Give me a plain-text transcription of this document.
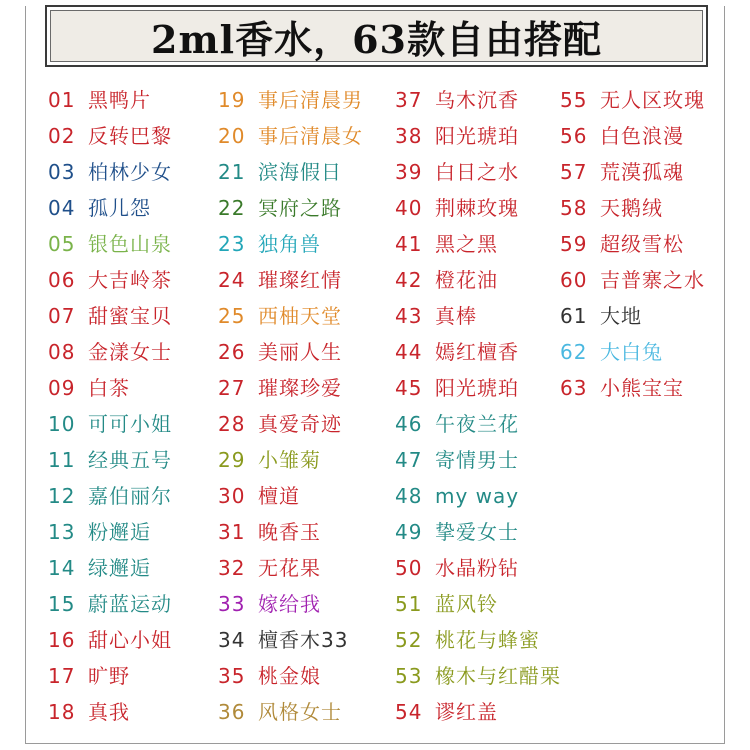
2ml香水，63款自由搭配
01 黑鸭片
02 反转巴黎
03 柏林少女
04 孤儿怨
05 银色山泉
06 大吉岭茶
07 甜蜜宝贝
08 金漾女士
09 白茶
10 可可小姐
11 经典五号
12 嘉伯丽尔
13 粉邂逅
14 绿邂逅
15 蔚蓝运动
16 甜心小姐
17 旷野
18 真我
19 事后清晨男
20 事后清晨女
21 滨海假日
22 冥府之路
23 独角兽
24 璀璨红情
25 西柚天堂
26 美丽人生
27 璀璨珍爱
28 真爱奇迹
29 小雏菊
30 檀道
31 晚香玉
32 无花果
33 嫁给我
34 檀香木33
35 桃金娘
36 风格女士
37 乌木沉香
38 阳光琥珀
39 白日之水
40 荆棘玫瑰
41 黑之黑
42 橙花油
43 真棒
44 嫣红檀香
45 阳光琥珀
46 午夜兰花
47 寄情男士
48 my way
49 挚爱女士
50 水晶粉钻
51 蓝风铃
52 桃花与蜂蜜
53 橡木与红醋栗
54 谬红盖
55 无人区玫瑰
56 白色浪漫
57 荒漠孤魂
58 天鹅绒
59 超级雪松
60 吉普寨之水
61 大地
62 大白兔
63 小熊宝宝
